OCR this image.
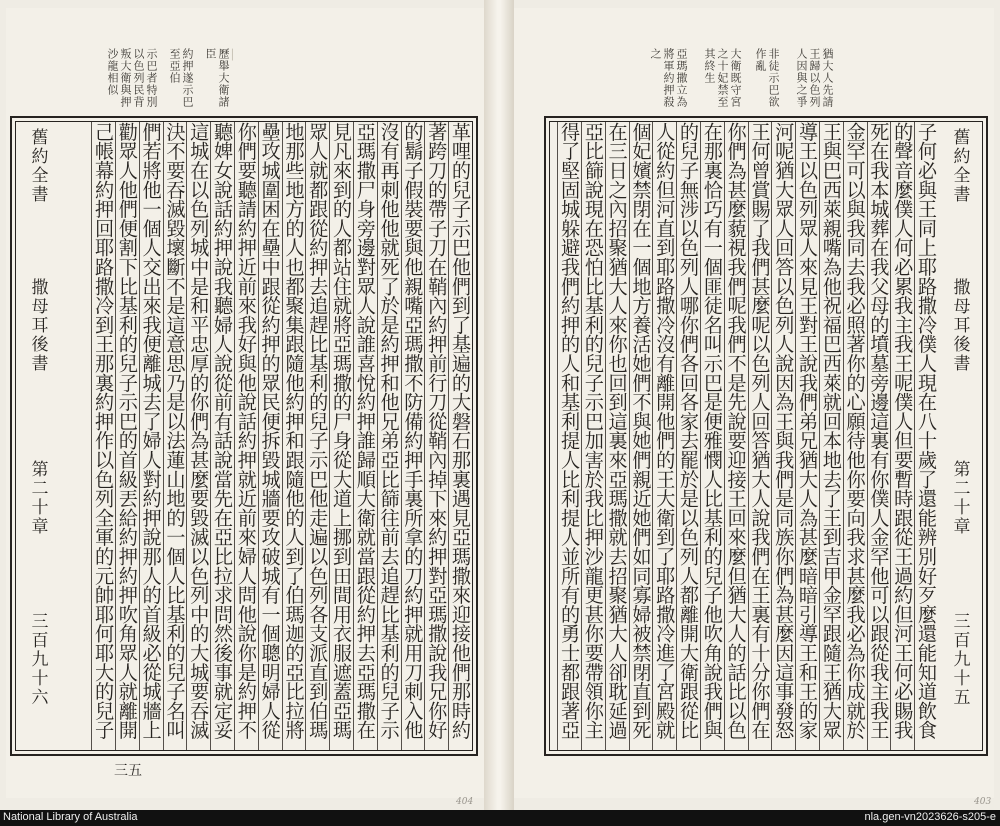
▏
歷舉大衛諸臣
約押遂示巴至亞伯
示巴者特別以色列民背叛大衛與押沙龍相似
舊約全書
撒母耳後書
第二十章
三百九十六
革哩的兒子示巴他們到了基遍的大磐石那裏遇見亞瑪撒來迎接他們那時約
著跨刀的帶子刀在鞘內約押前行刀從鞘內掉下來約押對亞瑪撒說我兄你好
的鬍子假裝要與他親嘴亞瑪撒不防備約押手裏所拿的刀約押就用刀刺入他
沒有再刺他他就死了於是約押和他兄弟亞比篩往前去追趕比基利的兒子示
亞瑪撒尸身旁邊對眾人說誰喜悅約押誰歸順大衛就當跟從約押去亞瑪撒在
見凡來到的人都站住就將亞瑪撒的尸身從大道上挪到田間用衣服遮蓋亞瑪
眾人就都跟從約押去追趕比基利的兒子示巴他走遍以色列各支派直到伯瑪
地那些地方的人也都聚集跟隨他約押和跟隨他的人到了伯瑪迦的亞比拉將
壘攻城圍困在壘中跟從約押的眾民便拆毀城牆要攻破城有一個聰明婦人從
你們要聽請約押近前來我好與他說話約押就近前來婦人問他說你是約押不
聽婢女說話約押說我聽婦人說從前有話說當先在亞比拉求問然後事就定妥
這城在以色列城中是和平忠厚的你們為甚麼要毀滅以色列中的大城要吞滅
決不要吞滅毀壞斷不是這意思乃是以法蓮山地的一個人比基利的兒子名叫
們若將他一個人交出來我便離城去了婦人對約押說那人的首級必從城牆上
勸眾人他們便割下比基利的兒子示巴的首級丟給約押約押吹角眾人就離開
己帳幕約押回耶路撒冷到王那裏約押作以色列全軍的元帥耶何耶大的兒子
三五
404
猶大人先請王歸以色列人因與之爭
非徒示巴欲作亂
大衛既守宮之十妃禁至其終生
亞瑪撒立為將軍約押殺之
子何必與王同上耶路撒冷僕人現在八十歲了還能辨別好歹麼還能知道飲食
的聲音麼僕人何必累我主我王呢僕人但要暫時跟從王過約但河王何必賜我
死在我本城葬在我父母的墳墓旁邊這裏有你僕人金罕他可以跟從我主我王
金罕可以與我同去我必照著你的心願待他你要向我求甚麼我必為你成就於
王與巴西萊親嘴為他祝福巴西萊就回本地去了王到吉甲金罕跟隨王猶大眾
導王以色列眾人來見王對王說我們弟兄猶大人為甚麼暗暗引導王和王的家
河呢猶大眾人回答以色列人說因為王與我們是同族你們為甚麼因這事發怒
王何曾賞賜了我們甚麼呢以色列人回答猶大人說我們在王裏有十分你們在
你們為甚麼藐視我們呢我們不是先說要迎接王回來麼但猶大人的話比以色
在那裏恰巧有一個匪徒名叫示巴是便雅憫人比基利的兒子他吹角說我們與
的兒子無涉以色列人哪你們各回各家去罷於是以色列人都離開大衛跟從比
人從約但河直到耶路撒冷沒有離開他們的王大衛到了耶路撒冷進了宮殿就
個妃嬪禁閉在一個地方養活她們不與她們親近她們如同寡婦被禁閉直到死
在三日之內招聚猶大人來你也回到這裏來亞瑪撒就去招聚猶大人卻耽延過
亞比篩說現在恐怕比基利的兒子示巴加害於我比押沙龍更甚你要帶領你主
得了堅固城躲避我們約押的人和基利提人比利提人並所有的勇士都跟著亞
舊約全書
撒母耳後書
第二十章
三百九十五
403
National Library of Australia	nla.gen-vn2023626-s205-e
